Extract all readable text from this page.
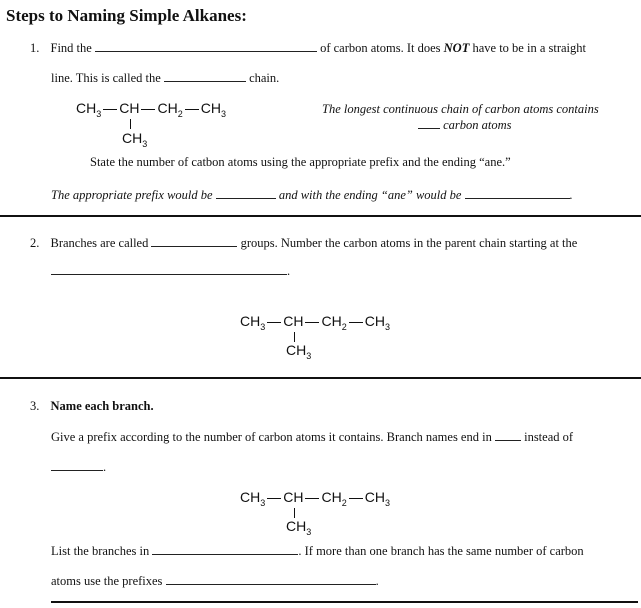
Steps to Naming Simple Alkanes:
1. Find the	of carbon atoms. It does NOT have to be in a straight
line. This is called the	chain.
$CH_3$ CH $CH_2$ $CH_3$
$CH_3$
The longest continuous chain of carbon atoms contains
carbon atoms
State the number of catbon atoms using the appropriate prefix and the ending “ane.”
The appropriate prefix would be	and with the ending “ane” would be	.
2. Branches are called	groups. Number the carbon atoms in the parent chain starting at the
.
$CH_3$ CH $CH_2$ $CH_3$
$CH_3$
3. Name each branch.
Give a prefix according to the number of carbon atoms it contains. Branch names end in	instead of
.
$CH_3$ CH $CH_2$ $CH_3$
$CH_3$
List the branches in	. If more than one branch has the same number of carbon
atoms use the prefixes	.
